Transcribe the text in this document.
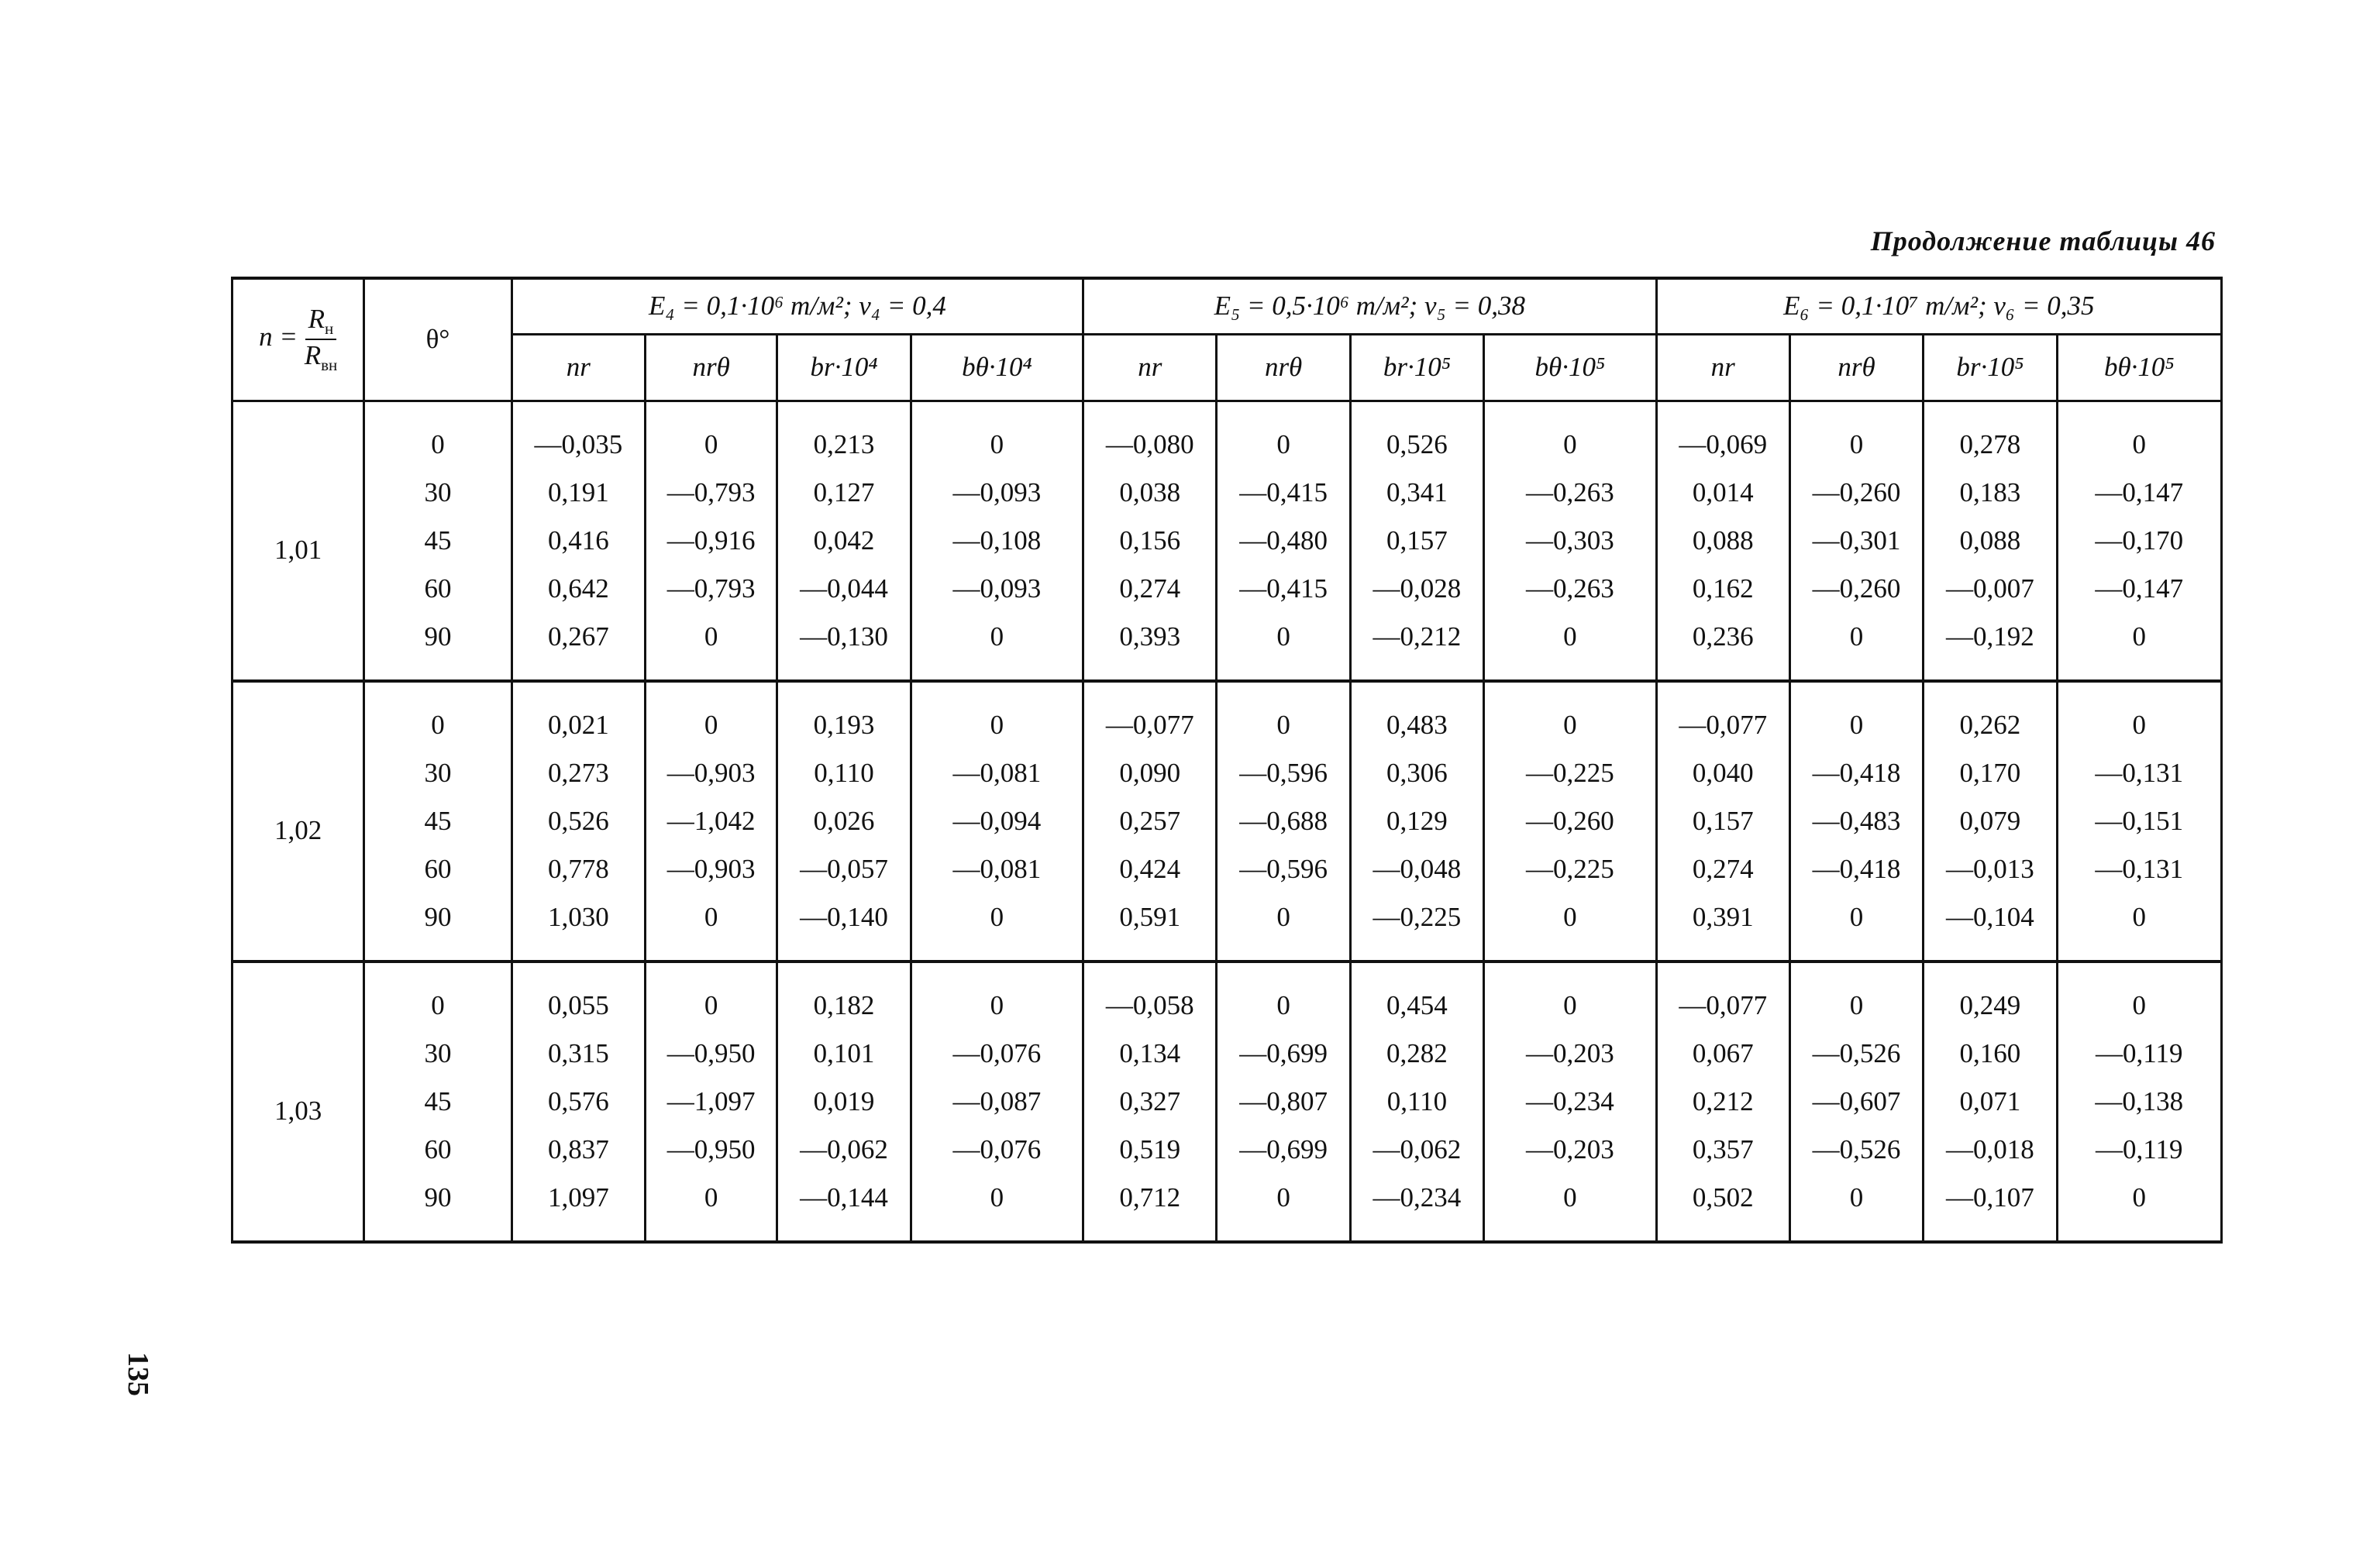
Продолжение таблицы 46
$n = \frac{R_н}{R_{вн}}$	θ°	E₄ = 0,1·10⁶ т/м²; ν₄ = 0,4				E₅ = 0,5·10⁶ т/м²; ν₅ = 0,38				E₆ = 0,1·10⁷ т/м²; ν₆ = 0,35			
		nr	nrθ	br·10⁴	bθ·10⁴	nr	nrθ	br·10⁵	bθ·10⁵	nr	nrθ	br·10⁵	bθ·10⁵
1,01	0	—0,035	0	0,213	0	—0,080	0	0,526	0	—0,069	0	0,278	0
	30	0,191	—0,793	0,127	—0,093	0,038	—0,415	0,341	—0,263	0,014	—0,260	0,183	—0,147
	45	0,416	—0,916	0,042	—0,108	0,156	—0,480	0,157	—0,303	0,088	—0,301	0,088	—0,170
	60	0,642	—0,793	—0,044	—0,093	0,274	—0,415	—0,028	—0,263	0,162	—0,260	—0,007	—0,147
	90	0,267	0	—0,130	0	0,393	0	—0,212	0	0,236	0	—0,192	0
1,02	0	0,021	0	0,193	0	—0,077	0	0,483	0	—0,077	0	0,262	0
	30	0,273	—0,903	0,110	—0,081	0,090	—0,596	0,306	—0,225	0,040	—0,418	0,170	—0,131
	45	0,526	—1,042	0,026	—0,094	0,257	—0,688	0,129	—0,260	0,157	—0,483	0,079	—0,151
	60	0,778	—0,903	—0,057	—0,081	0,424	—0,596	—0,048	—0,225	0,274	—0,418	—0,013	—0,131
	90	1,030	0	—0,140	0	0,591	0	—0,225	0	0,391	0	—0,104	0
1,03	0	0,055	0	0,182	0	—0,058	0	0,454	0	—0,077	0	0,249	0
	30	0,315	—0,950	0,101	—0,076	0,134	—0,699	0,282	—0,203	0,067	—0,526	0,160	—0,119
	45	0,576	—1,097	0,019	—0,087	0,327	—0,807	0,110	—0,234	0,212	—0,607	0,071	—0,138
	60	0,837	—0,950	—0,062	—0,076	0,519	—0,699	—0,062	—0,203	0,357	—0,526	—0,018	—0,119
	90	1,097	0	—0,144	0	0,712	0	—0,234	0	0,502	0	—0,107	0
135
